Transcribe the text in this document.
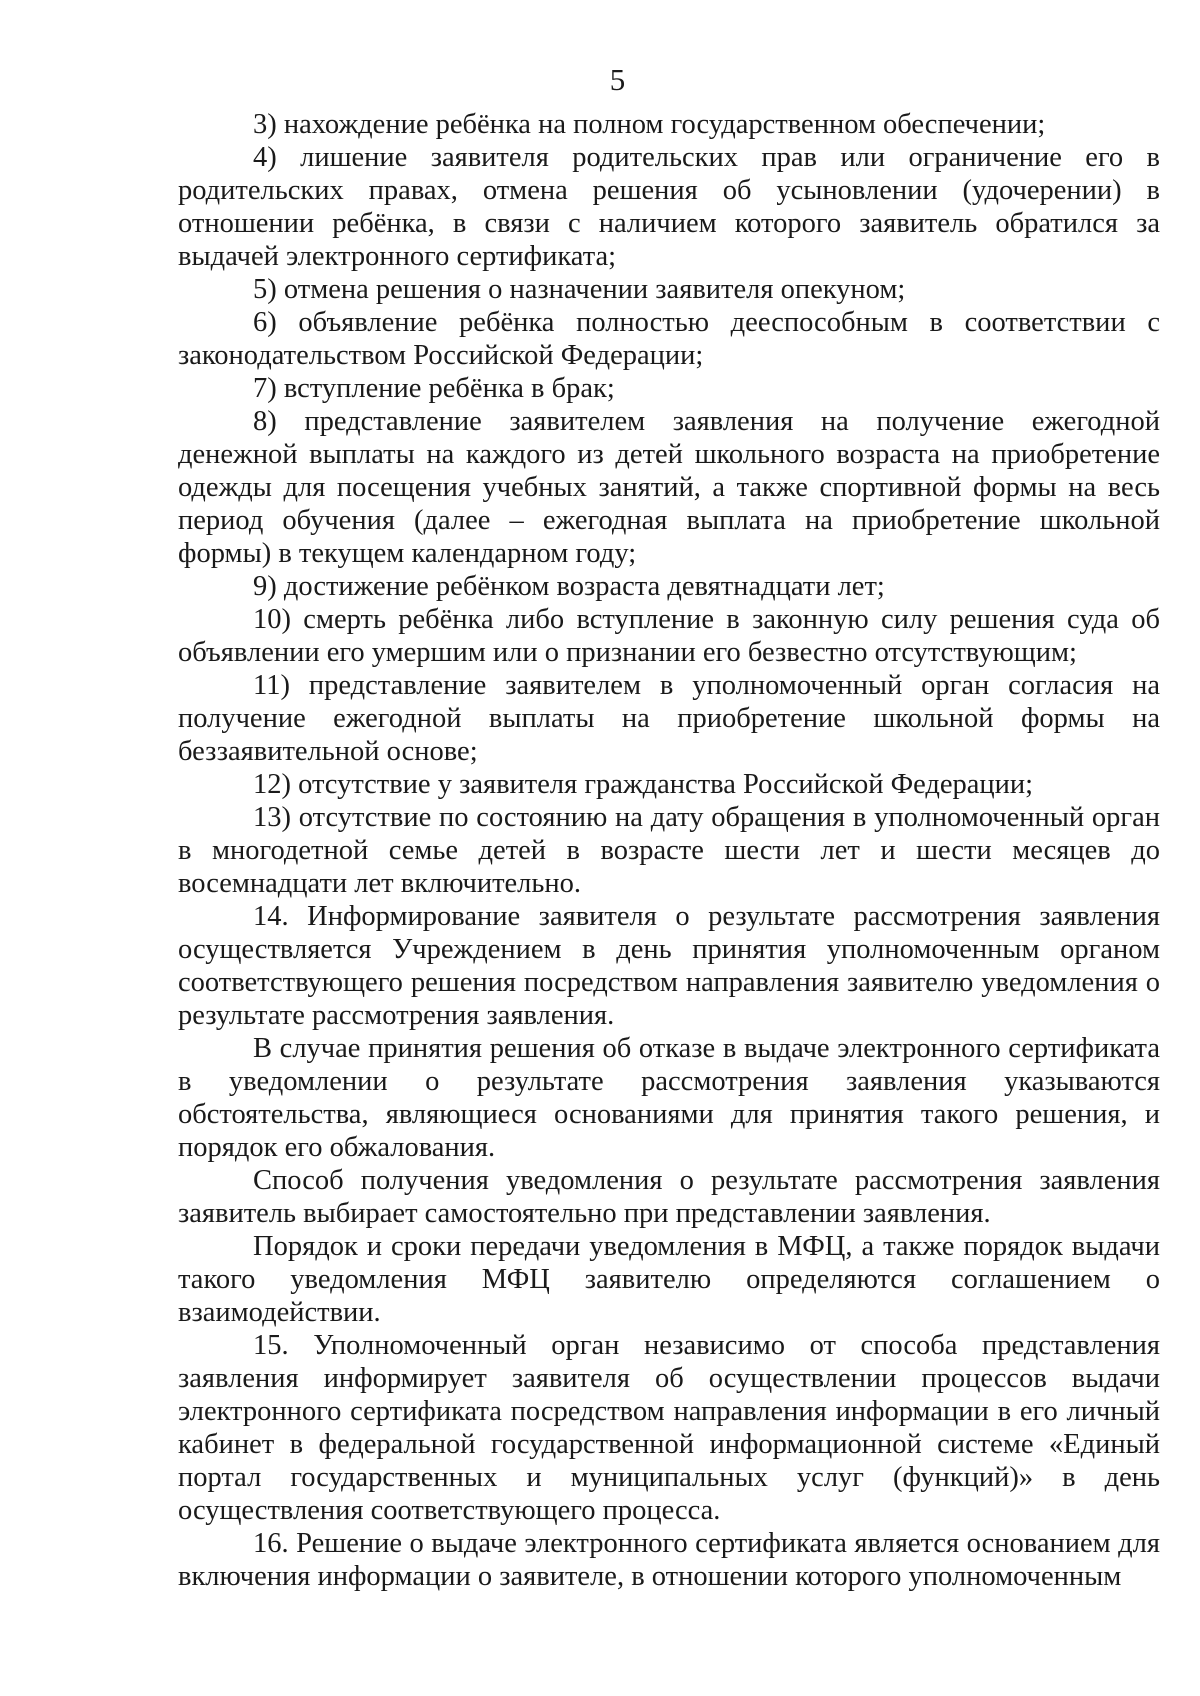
5

3) нахождение ребёнка на полном государственном обеспечении;

4) лишение заявителя родительских прав или ограничение его в родительских правах, отмена решения об усыновлении (удочерении) в отношении ребёнка, в связи с наличием которого заявитель обратился за выдачей электронного сертификата;

5) отмена решения о назначении заявителя опекуном;

6) объявление ребёнка полностью дееспособным в соответствии с законодательством Российской Федерации;

7) вступление ребёнка в брак;

8) представление заявителем заявления на получение ежегодной денежной выплаты на каждого из детей школьного возраста на приобретение одежды для посещения учебных занятий, а также спортивной формы на весь период обучения (далее – ежегодная выплата на приобретение школьной формы) в текущем календарном году;

9) достижение ребёнком возраста девятнадцати лет;

10) смерть ребёнка либо вступление в законную силу решения суда об объявлении его умершим или о признании его безвестно отсутствующим;

11) представление заявителем в уполномоченный орган согласия на получение ежегодной выплаты на приобретение школьной формы на беззаявительной основе;

12) отсутствие у заявителя гражданства Российской Федерации;

13) отсутствие по состоянию на дату обращения в уполномоченный орган в многодетной семье детей в возрасте шести лет и шести месяцев до восемнадцати лет включительно.

14. Информирование заявителя о результате рассмотрения заявления осуществляется Учреждением в день принятия уполномоченным органом соответствующего решения посредством направления заявителю уведомления о результате рассмотрения заявления.

В случае принятия решения об отказе в выдаче электронного сертификата в уведомлении о результате рассмотрения заявления указываются обстоятельства, являющиеся основаниями для принятия такого решения, и порядок его обжалования.

Способ получения уведомления о результате рассмотрения заявления заявитель выбирает самостоятельно при представлении заявления.

Порядок и сроки передачи уведомления в МФЦ, а также порядок выдачи такого уведомления МФЦ заявителю определяются соглашением о взаимодействии.

15. Уполномоченный орган независимо от способа представления заявления информирует заявителя об осуществлении процессов выдачи электронного сертификата посредством направления информации в его личный кабинет в федеральной государственной информационной системе «Единый портал государственных и муниципальных услуг (функций)» в день осуществления соответствующего процесса.

16. Решение о выдаче электронного сертификата является основанием для включения информации о заявителе, в отношении которого уполномоченным
